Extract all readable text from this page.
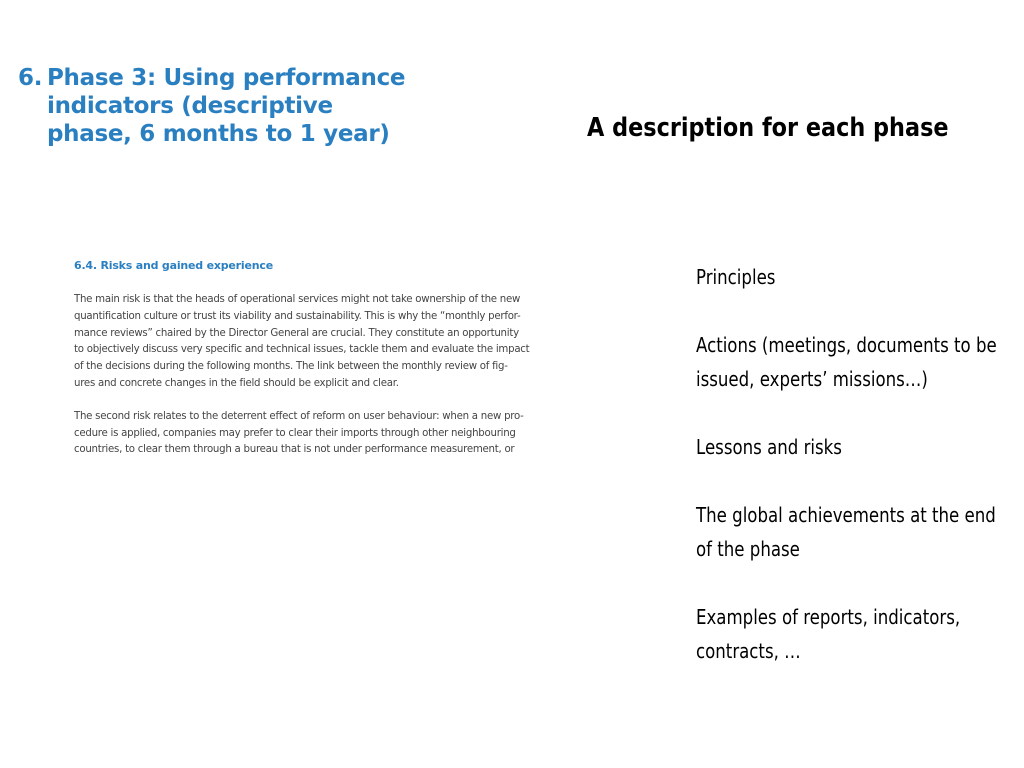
6. Phase 3: Using performance
indicators (descriptive
phase, 6 months to 1 year)	A description for each phase
6.4. Risks and gained experience
The main risk is that the heads of operational services might not take ownership of the new
quantification culture or trust its viability and sustainability. This is why the “monthly perfor-
mance reviews” chaired by the Director General are crucial. They constitute an opportunity
to objectively discuss very specific and technical issues, tackle them and evaluate the impact
of the decisions during the following months. The link between the monthly review of fig-
ures and concrete changes in the field should be explicit and clear.
The second risk relates to the deterrent effect of reform on user behaviour: when a new pro-
cedure is applied, companies may prefer to clear their imports through other neighbouring
countries, to clear them through a bureau that is not under performance measurement, or
Principles
Actions (meetings, documents to be
issued, experts’ missions…)
Lessons and risks
The global achievements at the end
of the phase
Examples of reports, indicators,
contracts, …
